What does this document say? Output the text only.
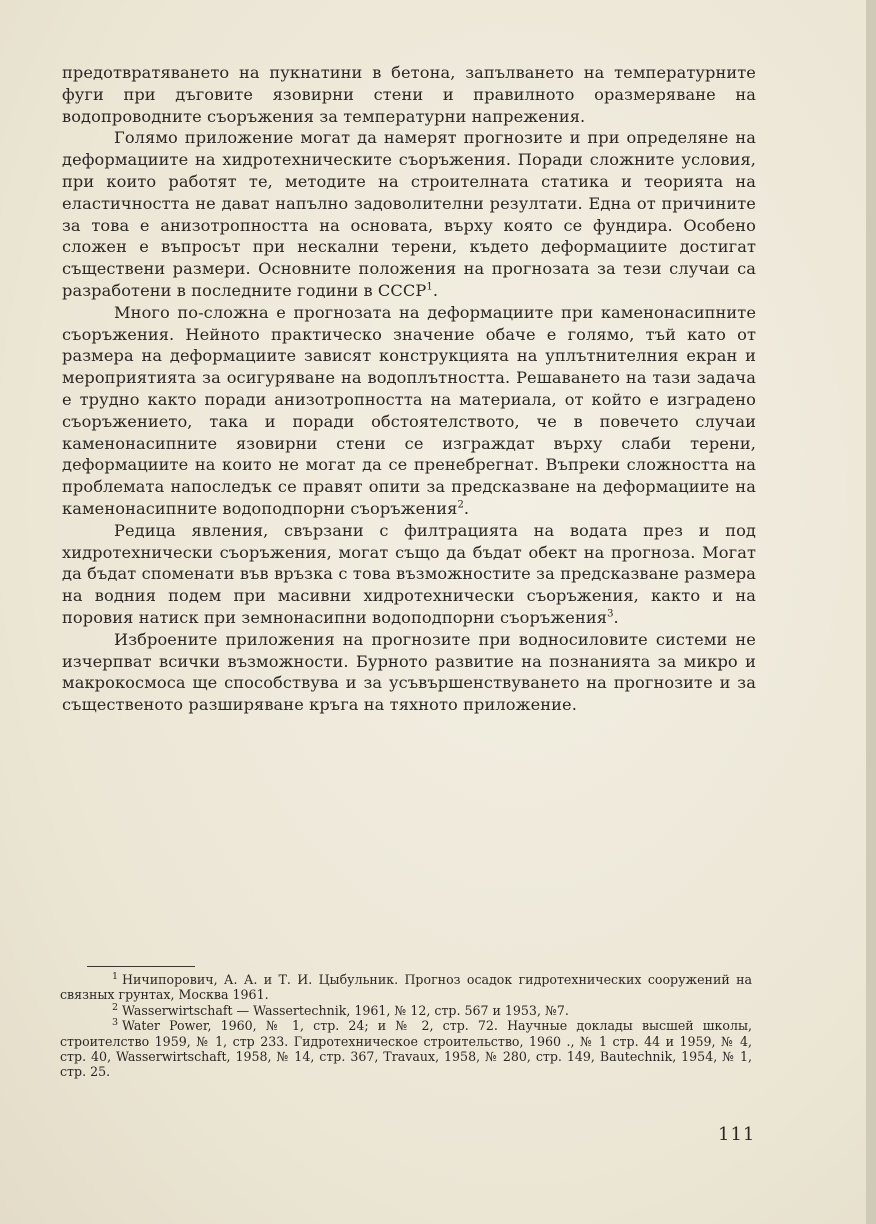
предотвратяването на пукнатини в бетона, запълването на температурните фуги при дъговите язовирни стени и правилното оразмеряване на водопроводните съоръжения за температурни напрежения.

Голямо приложение могат да намерят прогнозите и при определяне на деформациите на хидротехническите съоръжения. Поради сложните условия, при които работят те, методите на строителната статика и теорията на еластичността не дават напълно задоволителни резултати. Една от причините за това е анизотропността на основата, върху която се фундира. Особено сложен е въпросът при нескални терени, където деформациите достигат съществени размери. Основните положения на прогнозата за тези случаи са разработени в последните години в СССР$^1$.

Много по-сложна е прогнозата на деформациите при каменонасипните съоръжения. Нейното практическо значение обаче е голямо, тъй като от размера на деформациите зависят конструкцията на уплътнителния екран и мероприятията за осигуряване на водоплътността. Решаването на тази задача е трудно както поради анизотропността на материала, от който е изградено съоръжението, така и поради обстоятелството, че в повечето случаи каменонасипните язовирни стени се изграждат върху слаби терени, деформациите на които не могат да се пренебрегнат. Въпреки сложността на проблемата напоследък се правят опити за предсказване на деформациите на каменонасипните водоподпорни съоръжения$^2$.

Редица явления, свързани с филтрацията на водата през и под хидротехнически съоръжения, могат също да бъдат обект на прогноза. Могат да бъдат споменати във връзка с това възможностите за предсказване размера на водния подем при масивни хидротехнически съоръжения, както и на поровия натиск при земнонасипни водоподпорни съоръжения$^3$.

Изброените приложения на прогнозите при водносиловите системи не изчерпват всички възможности. Бурното развитие на познанията за микро и макрокосмоса ще способствува и за усъвършенствуването на прогнозите и за същественото разширяване кръга на тяхното приложение.

$^1$ Ничипорович, А. А. и Т. И. Цыбульник. Прогноз осадок гидротехнических сооружений на связных грунтах, Москва 1961.

$^2$ Wasserwirtschaft — Wassertechnik, 1961, № 12, стр. 567 и 1953, №7.

$^3$ Water Power, 1960, № 1, стр. 24; и № 2, стр. 72. Научные доклады высшей школы, строителство 1959, № 1, стр 233. Гидротехническое строительство, 1960 ., № 1 стр. 44 и 1959, № 4, стр. 40, Wasserwirtschaft, 1958, № 14, стр. 367, Travaux, 1958, № 280, стр. 149, Bautechnik, 1954, № 1, стр. 25.

111
